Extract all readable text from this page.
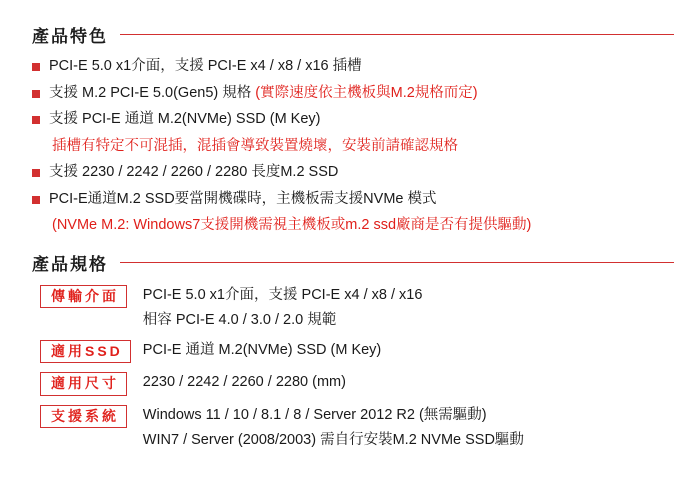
產品特色
PCI-E 5.0 x1介面，支援 PCI-E x4 / x8 / x16 插槽
支援 M.2 PCI-E 5.0(Gen5) 規格 (實際速度依主機板與M.2規格而定)
支援 PCI-E 通道 M.2(NVMe) SSD (M Key)
插槽有特定不可混插，混插會導致裝置燒壞，安裝前請確認規格
支援 2230 / 2242 / 2260 / 2280 長度M.2 SSD
PCI-E通道M.2 SSD要當開機碟時，主機板需支援NVMe 模式
(NVMe M.2: Windows7支援開機需視主機板或m.2 ssd廠商是否有提供驅動)
產品規格
傳輸介面	PCI-E 5.0 x1介面，支援 PCI-E x4 / x8 / x16
相容 PCI-E 4.0 / 3.0 / 2.0 規範

適用SSD	PCI-E 通道 M.2(NVMe) SSD (M Key)

適用尺寸	2230 / 2242 / 2260 / 2280 (mm)

支援系統	Windows 11 / 10 / 8.1 / 8 / Server 2012 R2 (無需驅動)
WIN7 / Server (2008/2003) 需自行安裝M.2 NVMe SSD驅動
